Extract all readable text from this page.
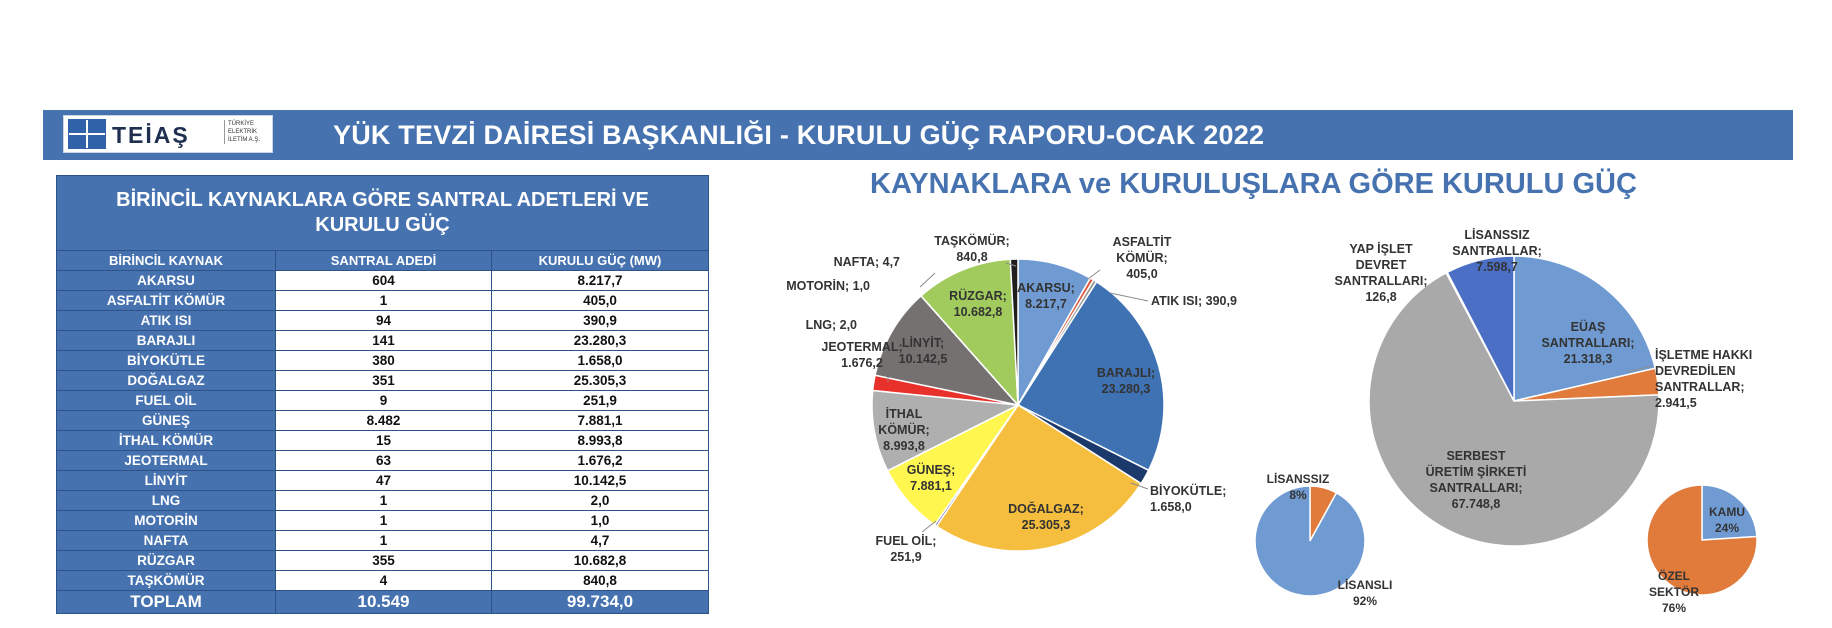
TEİAŞ	TÜRKİYE
ELEKTRİK
İLETİM A.Ş.	YÜK TEVZİ DAİRESİ BAŞKANLIĞI - KURULU GÜÇ RAPORU-OCAK 2022
BİRİNCİL KAYNAKLARA GÖRE SANTRAL ADETLERİ VE
KURULU GÜÇ		

BİRİNCİL KAYNAK	SANTRAL ADEDİ	KURULU GÜÇ (MW)
AKARSU	604	8.217,7
ASFALTİT KÖMÜR	1	405,0
ATIK ISI	94	390,9
BARAJLI	141	23.280,3
BİYOKÜTLE	380	1.658,0
DOĞALGAZ	351	25.305,3
FUEL OİL	9	251,9
GÜNEŞ	8.482	7.881,1
İTHAL KÖMÜR	15	8.993,8
JEOTERMAL	63	1.676,2
LİNYİT	47	10.142,5
LNG	1	2,0
MOTORİN	1	1,0
NAFTA	1	4,7
RÜZGAR	355	10.682,8
TAŞKÖMÜR	4	840,8
TOPLAM	10.549	99.734,0
KAYNAKLARA ve KURULUŞLARA GÖRE KURULU GÜÇ
AKARSU; 8.217,7
ASFALTİT KÖMÜR; 405,0
ATIK ISI; 390,9
BARAJLI; 23.280,3
BİYOKÜTLE; 1.658,0
DOĞALGAZ; 25.305,3
FUEL OİL; 251,9
GÜNEŞ; 7.881,1
İTHAL KÖMÜR; 8.993,8
JEOTERMAL; 1.676,2
LİNYİT; 10.142,5
LNG; 2,0
MOTORİN; 1,0
NAFTA; 4,7
RÜZGAR; 10.682,8
TAŞKÖMÜR; 840,8
EÜAŞ SANTRALLARI; 21.318,3	İŞLETME HAKKI DEVREDİLEN SANTRALLAR; 2.941,5
SERBEST ÜRETİM ŞİRKETİ SANTRALLARI; 67.748,8
YAP İŞLET DEVRET SANTRALLARI; 126,8
LİSANSSIZ SANTRALLAR; 7.598,7
LİSANSSIZ 8%
LİSANSLI 92%
KAMU 24%
ÖZEL SEKTÖR 76%
